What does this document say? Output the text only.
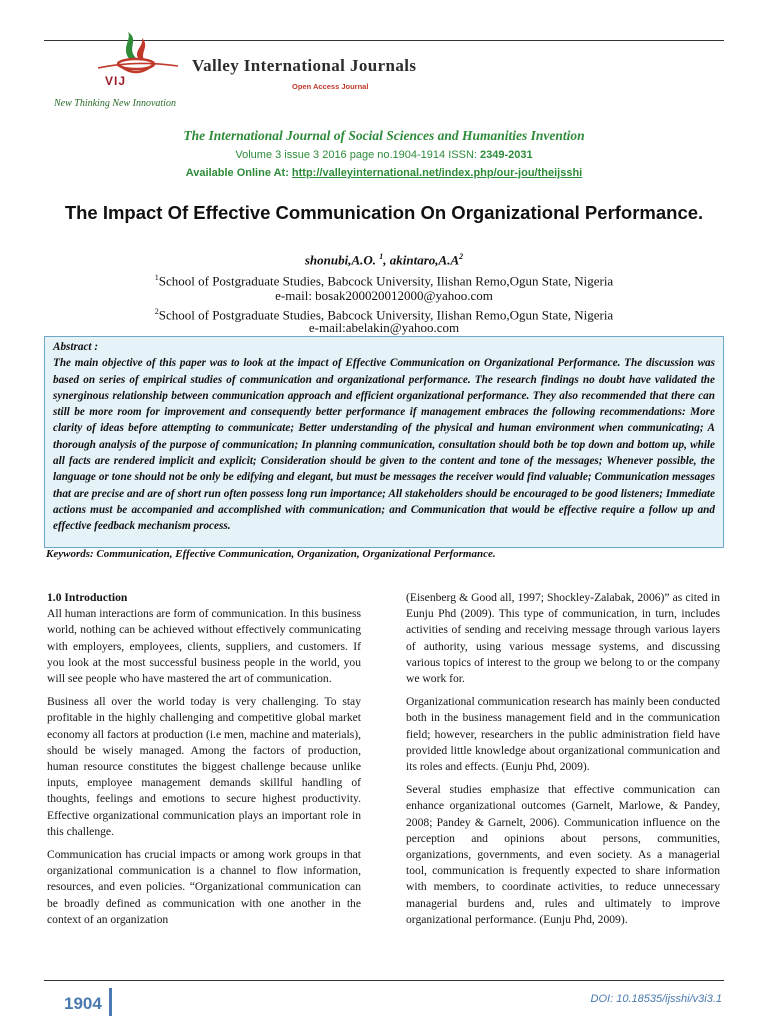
VIJ
New Thinking New Innovation
Valley International Journals
Open Access Journal
The International Journal of Social Sciences and Humanities Invention
Volume 3 issue 3 2016 page no.1904-1914 ISSN: 2349-2031
Available Online At: http://valleyinternational.net/index.php/our-jou/theijsshi
The Impact Of Effective Communication On Organizational Performance.
shonubi,A.O. $^1$, $akintaro,A.A^2$
$^1$School of Postgraduate Studies, Babcock University, Ilishan Remo,Ogun State, Nigeria
e-mail: bosak200020012000@yahoo.com
$^2$School of Postgraduate Studies, Babcock University, Ilishan Remo,Ogun State, Nigeria
e-mail:abelakin@yahoo.com
Abstract :
The main objective of this paper was to look at the impact of Effective Communication on Organizational Performance. The discussion was based on series of empirical studies of communication and organizational performance. The research findings no doubt have validated the synerginous relationship between communication approach and efficient organizational performance. They also recommended that there can still be more room for improvement and consequently better performance if management embraces the following recommendations: More clarity of ideas before attempting to communicate; Better understanding of the physical and human environment when communicating; A thorough analysis of the purpose of communication; In planning communication, consultation should both be top down and bottom up, while all facts are rendered implicit and explicit; Consideration should be given to the content and tone of the messages; Whenever possible, the language or tone should not be only be edifying and elegant, but must be messages the receiver would find valuable; Communication messages that are precise and are of short run often possess long run importance; All stakeholders should be encouraged to be good listeners; Immediate actions must be accompanied and accomplished with communication; and Communication that would be effective require a follow up and effective feedback mechanism process.
Keywords: Communication, Effective Communication, Organization, Organizational Performance.
1.0 Introduction

All human interactions are form of communication. In this business world, nothing can be achieved without effectively communicating with employers, employees, clients, suppliers, and customers. If you look at the most successful business people in the world, you will see people who have mastered the art of communication.

Business all over the world today is very challenging. To stay profitable in the highly challenging and competitive global market economy all factors at production (i.e men, machine and materials), should be wisely managed. Among the factors of production, human resource constitutes the biggest challenge because unlike inputs, employee management demands skillful handling of thoughts, feelings and emotions to secure highest productivity. Effective organizational communication plays an important role in this challenge.

Communication has crucial impacts or among work groups in that organizational communication is a channel to flow information, resources, and even policies. “Organizational communication can be broadly defined as communication with one another in the context of an organization

(Eisenberg & Good all, 1997; Shockley-Zalabak, 2006)” as cited in Eunju Phd (2009). This type of communication, in turn, includes activities of sending and receiving message through various layers of authority, using various message systems, and discussing various topics of interest to the group we belong to or the company we work for.

Organizational communication research has mainly been conducted both in the business management field and in the communication field; however, researchers in the public administration field have provided little knowledge about organizational communication and its roles and effects. (Eunju Phd, 2009).

Several studies emphasize that effective communication can enhance organizational outcomes (Garnelt, Marlowe, & Pandey, 2008; Pandey & Garnelt, 2006). Communication influence on the perception and opinions about persons, communities, organizations, governments, and even society. As a managerial tool, communication is frequently expected to share information with members, to coordinate activities, to reduce unnecessary managerial burdens and, rules and ultimately to improve organizational performance. (Eunju Phd, 2009).

1904	DOI: 10.18535/ijsshi/v3i3.1
